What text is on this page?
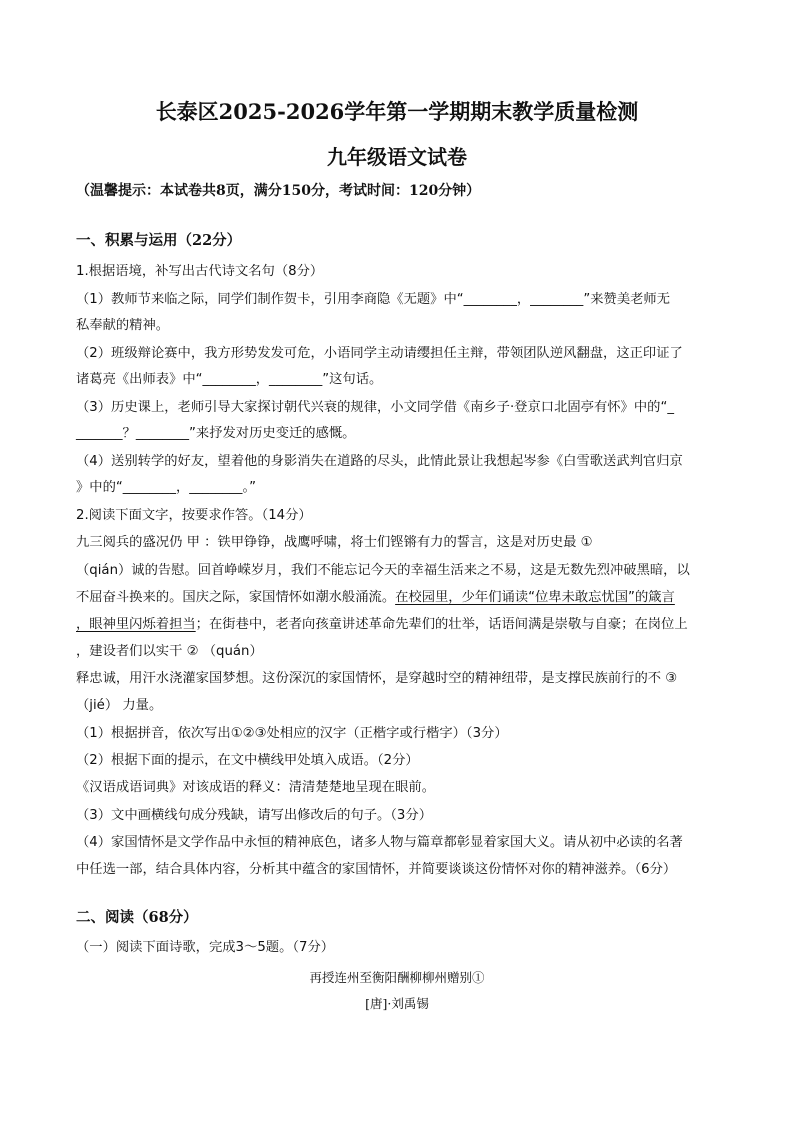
长泰区2025-2026学年第一学期期末教学质量检测
九年级语文试卷
（温馨提示：本试卷共8页，满分150分，考试时间：120分钟）
一、积累与运用（22分）
1.根据语境，补写出古代诗文名句（8分）
（1）教师节来临之际，同学们制作贺卡，引用李商隐《无题》中“________，________”来赞美老师无
私奉献的精神。
（2）班级辩论赛中，我方形势发发可危，小语同学主动请缨担任主辩，带领团队逆风翻盘，这正印证了
诸葛亮《出师表》中“________，________”这句话。
（3）历史课上，老师引导大家探讨朝代兴衰的规律，小文同学借《南乡子·登京口北固亭有怀》中的“_
_______？________”来抒发对历史变迁的感慨。
（4）送别转学的好友，望着他的身影消失在道路的尽头，此情此景让我想起岑参《白雪歌送武判官归京
》中的“________，________。”
2.阅读下面文字，按要求作答。（14分）
九三阅兵的盛况仍 甲 ：铁甲铮铮，战鹰呼啸，将士们铿锵有力的誓言，这是对历史最 ①
（qián）诚的告慰。回首峥嵘岁月，我们不能忘记今天的幸福生活来之不易，这是无数先烈冲破黑暗，以
不屈奋斗换来的。国庆之际，家国情怀如潮水般涌流。在校园里，少年们诵读“位卑未敢忘忧国”的箴言
，眼神里闪烁着担当；在街巷中，老者向孩童讲述革命先辈们的壮举，话语间满是崇敬与自豪；在岗位上
，建设者们以实干 ② （quán）
释忠诚，用汗水浇灌家国梦想。这份深沉的家国情怀，是穿越时空的精神纽带，是支撑民族前行的不 ③
（jié） 力量。
（1）根据拼音，依次写出①②③处相应的汉字（正楷字或行楷字）（3分）
（2）根据下面的提示，在文中横线甲处填入成语。（2分）
《汉语成语词典》对该成语的释义：清清楚楚地呈现在眼前。
（3）文中画横线句成分残缺，请写出修改后的句子。（3分）
（4）家国情怀是文学作品中永恒的精神底色，诸多人物与篇章都彰显着家国大义。请从初中必读的名著
中任选一部，结合具体内容，分析其中蕴含的家国情怀，并简要谈谈这份情怀对你的精神滋养。（6分）
二、阅读（68分）
（一）阅读下面诗歌，完成3～5题。（7分）
再授连州至衡阳酬柳柳州赠别①
[唐]·刘禹锡
